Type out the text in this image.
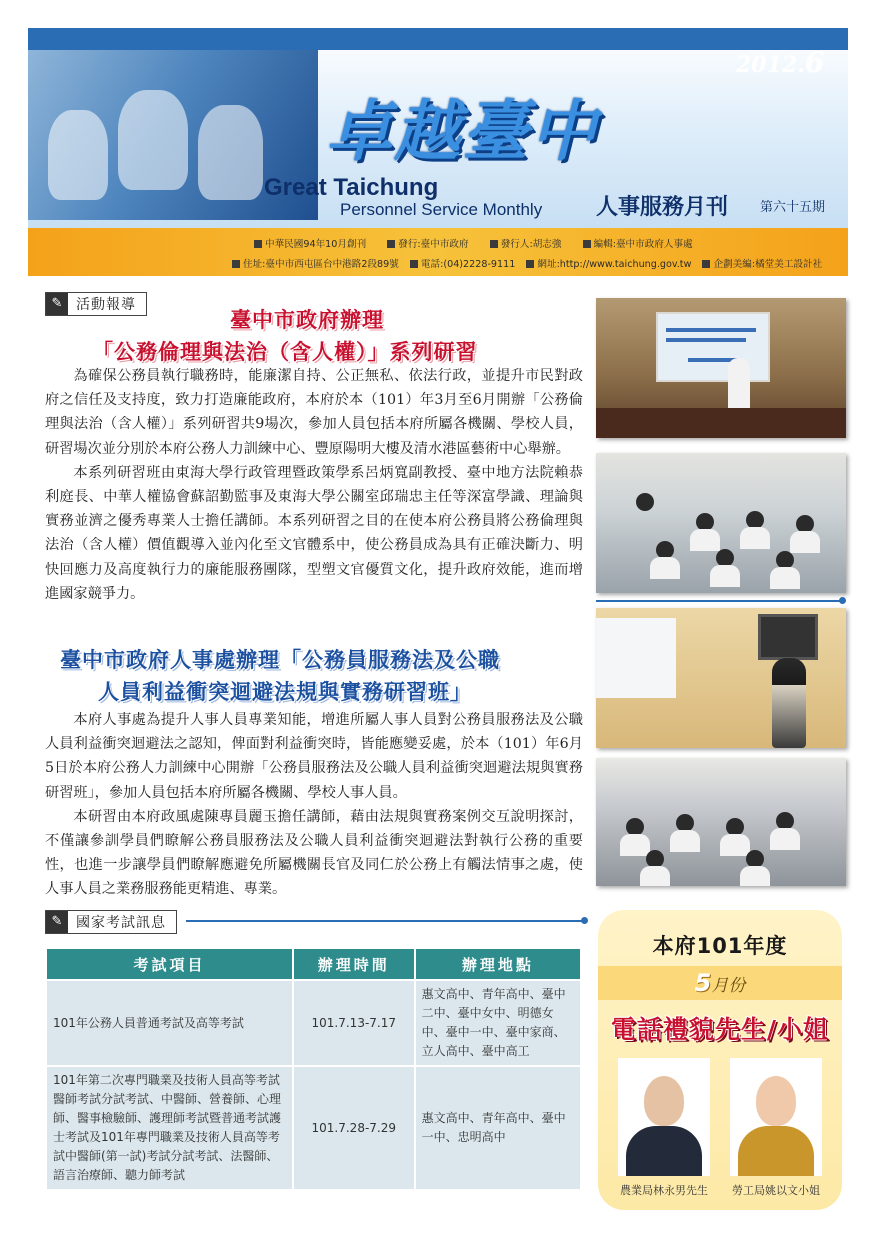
2012.6
卓越臺中
Great Taichung
Personnel Service Monthly 人事服務月刊 第六十五期
中華民國94年10月創刊	發行:臺中市政府	發行人:胡志強	編輯:臺中市政府人事處
住址:臺中市西屯區台中港路2段89號 電話:(04)2228-9111 網址:http://www.taichung.gov.tw 企劃美編:橘堂美工設計社
✎ 活動報導
臺中市政府辦理
「公務倫理與法治（含人權）」系列研習

為確保公務員執行職務時，能廉潔自持、公正無私、依法行政，並提升市民對政府之信任及支持度，致力打造廉能政府，本府於本（101）年3月至6月開辦「公務倫理與法治（含人權）」系列研習共9場次，參加人員包括本府所屬各機關、學校人員，研習場次並分別於本府公務人力訓練中心、豐原陽明大樓及清水港區藝術中心舉辦。

本系列研習班由東海大學行政管理暨政策學系呂炳寬副教授、臺中地方法院賴恭利庭長、中華人權協會蘇詔勤監事及東海大學公關室邱瑞忠主任等深富學識、理論與實務並濟之優秀專業人士擔任講師。本系列研習之目的在使本府公務員將公務倫理與法治（含人權）價值觀導入並內化至文官體系中，使公務員成為具有正確決斷力、明快回應力及高度執行力的廉能服務團隊，型塑文官優質文化，提升政府效能，進而增進國家競爭力。

臺中市政府人事處辦理「公務員服務法及公職
人員利益衝突迴避法規與實務研習班」

本府人事處為提升人事人員專業知能，增進所屬人事人員對公務員服務法及公職人員利益衝突迴避法之認知，俾面對利益衝突時，皆能應變妥處，於本（101）年6月5日於本府公務人力訓練中心開辦「公務員服務法及公職人員利益衝突迴避法規與實務研習班」，參加人員包括本府所屬各機關、學校人事人員。

本研習由本府政風處陳專員麗玉擔任講師，藉由法規與實務案例交互說明探討，不僅讓參訓學員們瞭解公務員服務法及公職人員利益衝突迴避法對執行公務的重要性，也進一步讓學員們瞭解應避免所屬機關長官及同仁於公務上有觸法情事之處，使人事人員之業務服務能更精進、專業。

✎ 國家考試訊息
考試項目	辦理時間	辦理地點
101年公務人員普通考試及高等考試	101.7.13-7.17	惠文高中、青年高中、臺中二中、臺中女中、明德女中、臺中一中、臺中家商、立人高中、臺中高工
101年第二次專門職業及技術人員高等考試醫師考試分試考試、中醫師、營養師、心理師、醫事檢驗師、護理師考試暨普通考試護士考試及101年專門職業及技術人員高等考試中醫師(第一試)考試分試考試、法醫師、語言治療師、聽力師考試	101.7.28-7.29	惠文高中、青年高中、臺中一中、忠明高中
本府101年度
5月份
電話禮貌先生/小姐
農業局林永男先生 勞工局姚以文小姐
